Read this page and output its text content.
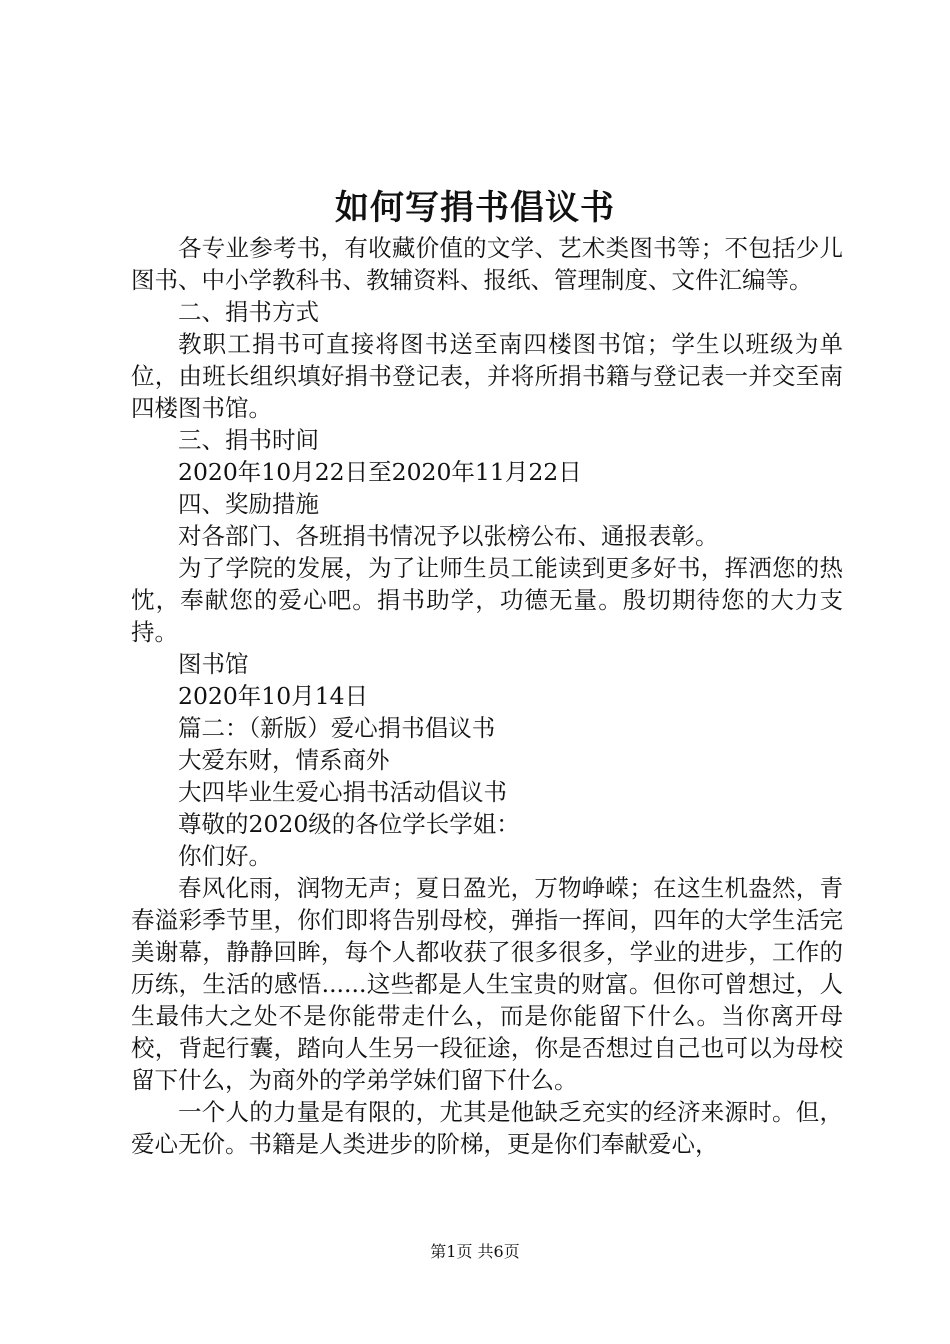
如何写捐书倡议书

各专业参考书，有收藏价值的文学、艺术类图书等；不包括少儿图书、中小学教科书、教辅资料、报纸、管理制度、文件汇编等。

二、捐书方式

教职工捐书可直接将图书送至南四楼图书馆；学生以班级为单位，由班长组织填好捐书登记表，并将所捐书籍与登记表一并交至南四楼图书馆。

三、捐书时间

2020年10月22日至2020年11月22日

四、奖励措施

对各部门、各班捐书情况予以张榜公布、通报表彰。

为了学院的发展，为了让师生员工能读到更多好书，挥洒您的热忱，奉献您的爱心吧。捐书助学，功德无量。殷切期待您的大力支持。

图书馆

2020年10月14日

篇二：（新版）爱心捐书倡议书

大爱东财，情系商外

大四毕业生爱心捐书活动倡议书

尊敬的2020级的各位学长学姐：

你们好。

春风化雨，润物无声；夏日盈光，万物峥嵘；在这生机盎然，青春溢彩季节里，你们即将告别母校，弹指一挥间，四年的大学生活完美谢幕，静静回眸，每个人都收获了很多很多，学业的进步，工作的历练，生活的感悟......这些都是人生宝贵的财富。但你可曾想过，人生最伟大之处不是你能带走什么，而是你能留下什么。当你离开母校，背起行囊，踏向人生另一段征途，你是否想过自己也可以为母校留下什么，为商外的学弟学妹们留下什么。

一个人的力量是有限的，尤其是他缺乏充实的经济来源时。但，爱心无价。书籍是人类进步的阶梯，更是你们奉献爱心，

第1页 共6页
